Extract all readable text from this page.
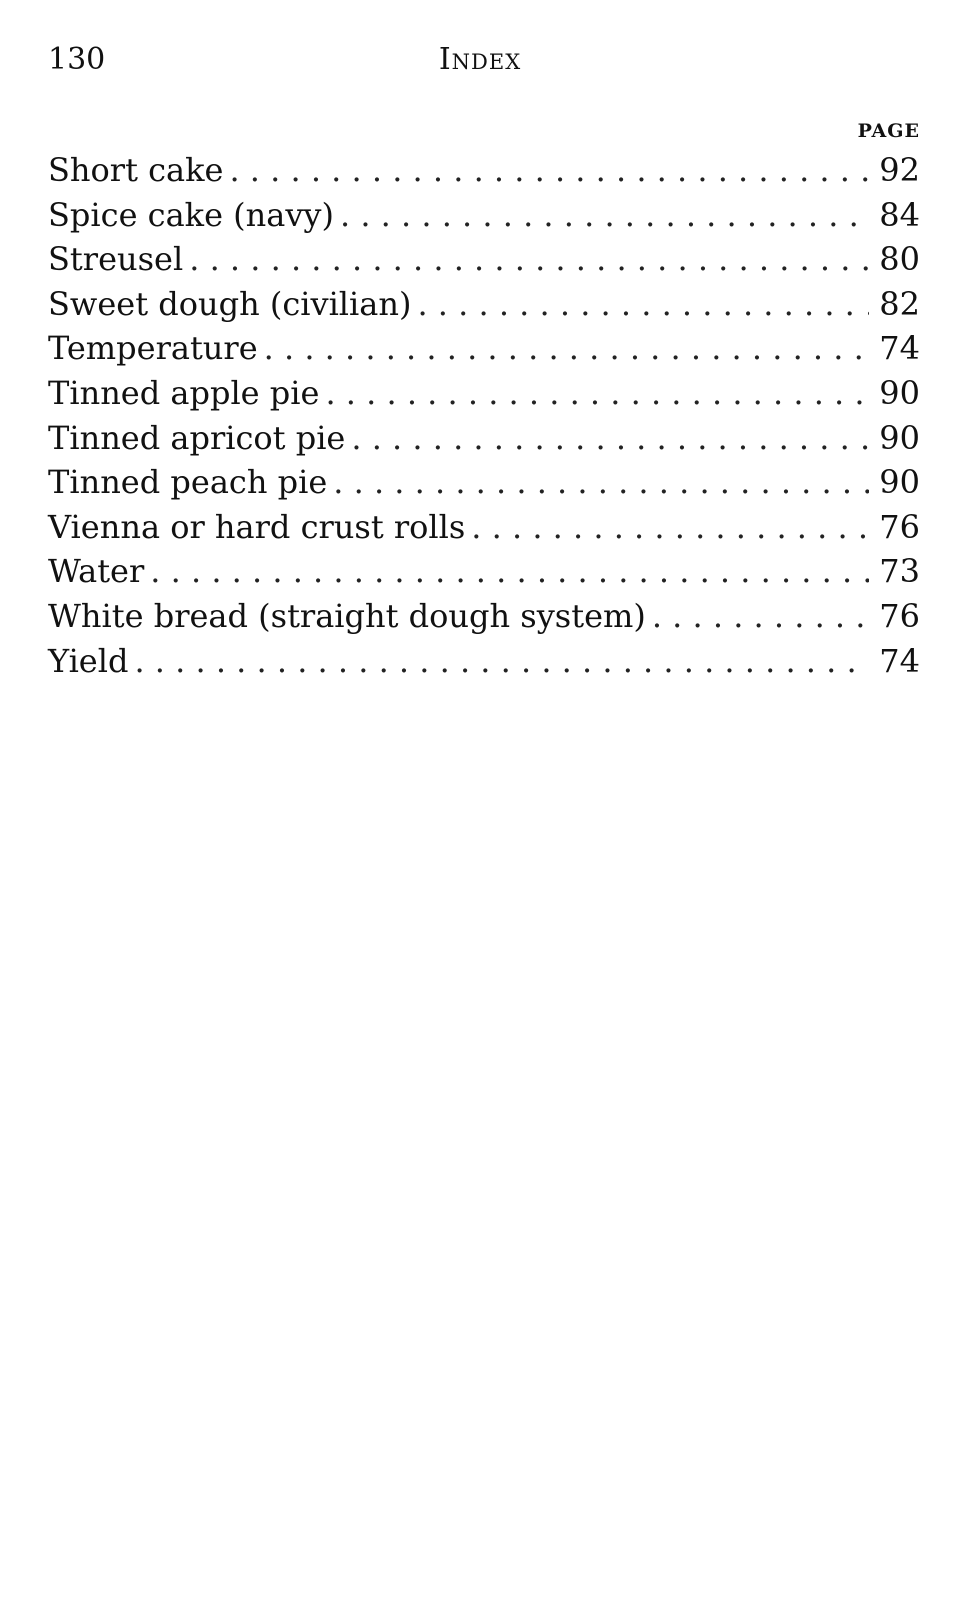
130	Index
PAGE
Short cake . . .	92
Spice cake (navy) . . .	84
Streusel . . .	80
Sweet dough (civilian) . . .	82
Temperature . . .	74
Tinned apple pie . . .	90
Tinned apricot pie . . .	90
Tinned peach pie . . .	90
Vienna or hard crust rolls . . .	76
Water . . .	73
White bread (straight dough system) . . .	76
Yield . . .	74
